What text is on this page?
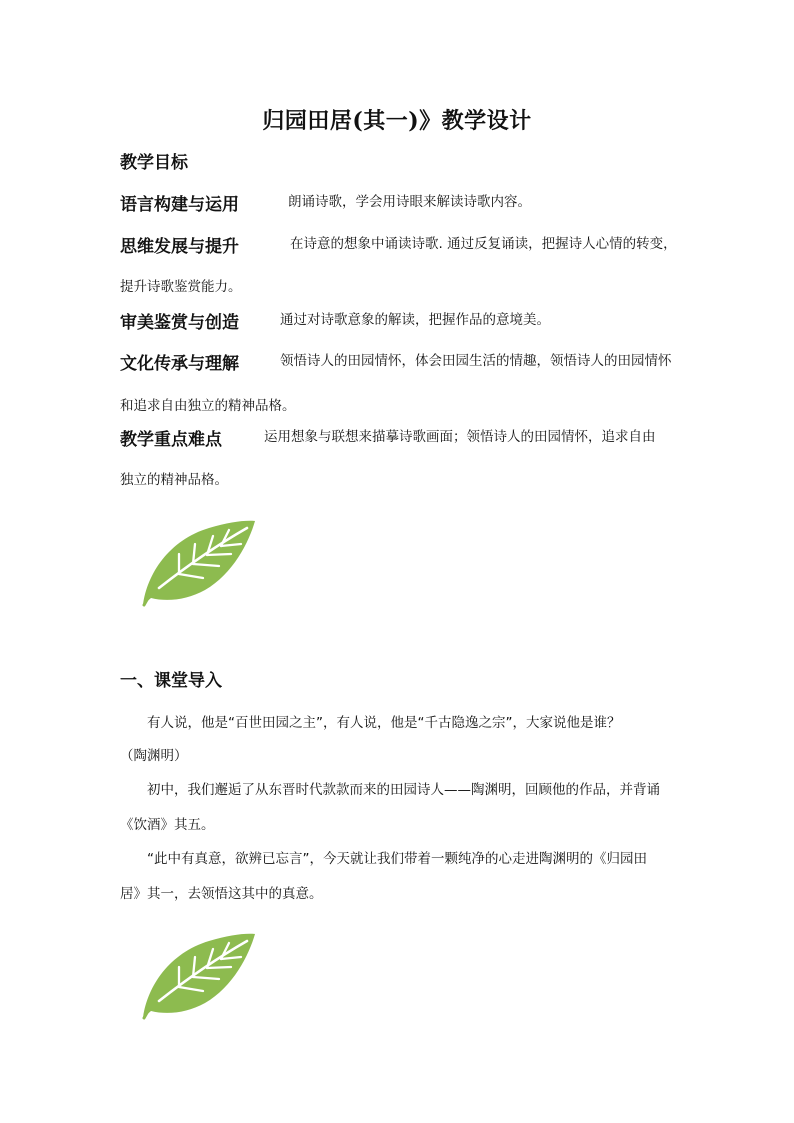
归园田居(其一)》教学设计
教学目标
语言构建与运用	朗诵诗歌，学会用诗眼来解读诗歌内容。
思维发展与提升	在诗意的想象中诵读诗歌. 通过反复诵读，把握诗人心情的转变，
提升诗歌鉴赏能力。
审美鉴赏与创造	通过对诗歌意象的解读，把握作品的意境美。
文化传承与理解	领悟诗人的田园情怀，体会田园生活的情趣，领悟诗人的田园情怀
和追求自由独立的精神品格。
教学重点难点	运用想象与联想来描摹诗歌画面；领悟诗人的田园情怀，追求自由
独立的精神品格。
一、课堂导入
有人说，他是“百世田园之主”，有人说，他是“千古隐逸之宗”，大家说他是谁？
（陶渊明）
初中，我们邂逅了从东晋时代款款而来的田园诗人——陶渊明，回顾他的作品，并背诵
《饮酒》其五。
“此中有真意，欲辨已忘言”，今天就让我们带着一颗纯净的心走进陶渊明的《归园田
居》其一，去领悟这其中的真意。
